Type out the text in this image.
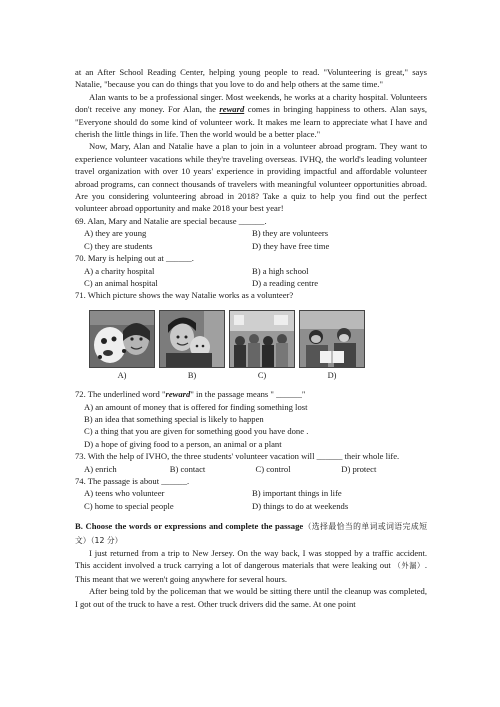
at an After School Reading Center, helping young people to read. "Volunteering is great," says Natalie, "because you can do things that you love to do and help others at the same time."

Alan wants to be a professional singer. Most weekends, he works at a charity hospital. Volunteers don't receive any money. For Alan, the reward comes in bringing happiness to others. Alan says, "Everyone should do some kind of volunteer work. It makes me learn to appreciate what I have and cherish the little things in life. Then the world would be a better place."

Now, Mary, Alan and Natalie have a plan to join in a volunteer abroad program. They want to experience volunteer vacations while they're traveling overseas. IVHQ, the world's leading volunteer travel organization with over 10 years' experience in providing impactful and affordable volunteer abroad programs, can connect thousands of travelers with meaningful volunteer opportunities abroad. Are you considering volunteering abroad in 2018? Take a quiz to help you find out the perfect volunteer abroad opportunity and make 2018 your best year!

69. Alan, Mary and Natalie are special because ______.

A) they are young	B) they are volunteers
C) they are students	D) they have free time

70. Mary is helping out at ______.

A) a charity hospital	B) a high school
C) an animal hospital	D) a reading centre

71. Which picture shows the way Natalie works as a volunteer?

A)	B)	C)	D)

72. The underlined word "reward" in the passage means " ______"

A) an amount of money that is offered for finding something lost

B) an idea that something special is likely to happen

C) a thing that you are given for something good you have done .

D) a hope of giving food to a person, an animal or a plant

73. With the help of IVHO, the three students' volunteer vacation will ______ their whole life.

A) enrich	B) contact	C) control	D) protect

74. The passage is about ______.

A) teens who volunteer	B) important things in life
C) home to special people	D) things to do at weekends

B. Choose the words or expressions and complete the passage（选择最恰当的单词或词语完成短文）（12 分）

I just returned from a trip to New Jersey. On the way back, I was stopped by a traffic accident. This accident involved a truck carrying a lot of dangerous materials that were leaking out （外漏）. This meant that we weren't going anywhere for several hours.

After being told by the policeman that we would be sitting there until the cleanup was completed, I got out of the truck to have a rest. Other truck drivers did the same. At one point
